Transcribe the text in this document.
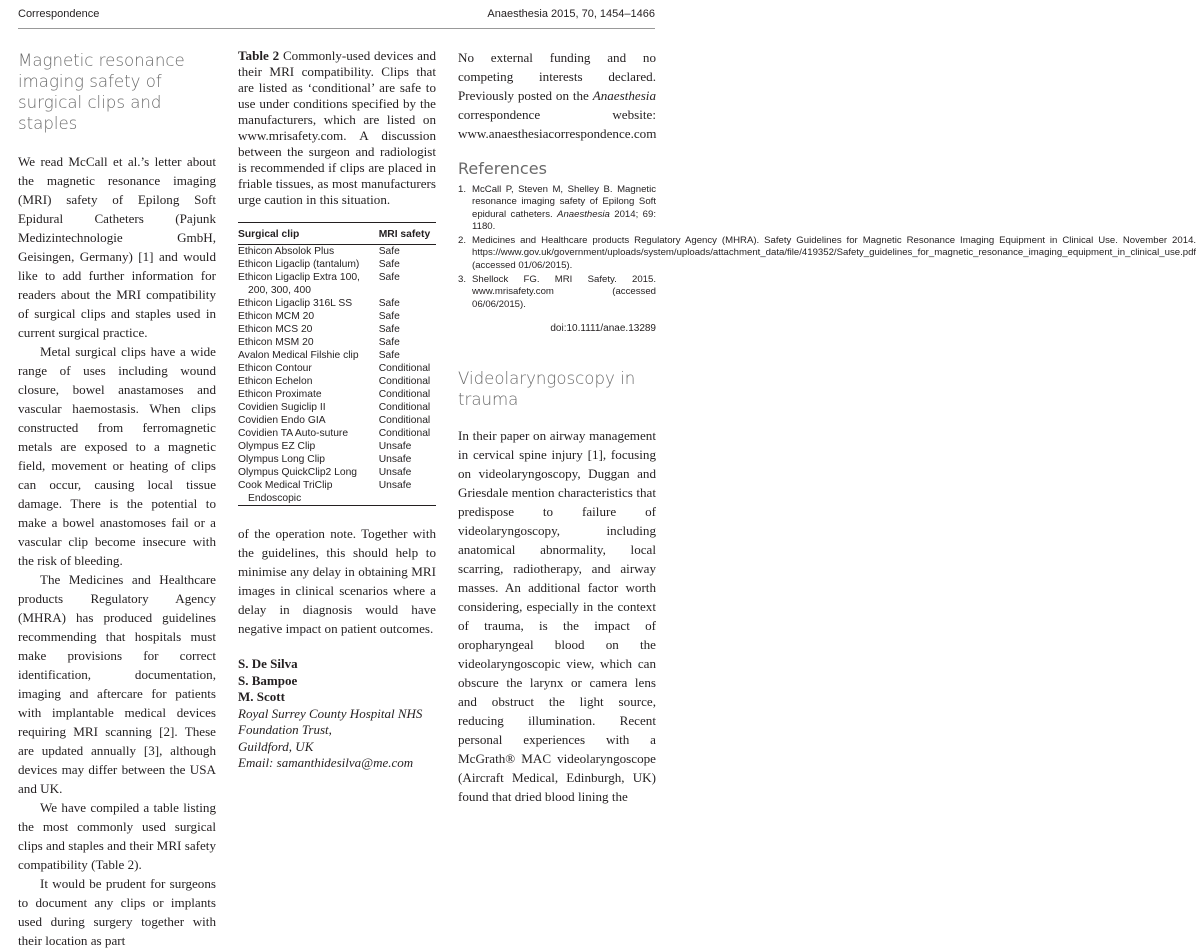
Correspondence	Anaesthesia 2015, 70, 1454–1466
Magnetic resonance imaging safety of surgical clips and staples

We read McCall et al.’s letter about the magnetic resonance imaging (MRI) safety of Epilong Soft Epidural Catheters (Pajunk Medizintechnologie GmbH, Geisingen, Germany) [1] and would like to add further information for readers about the MRI compatibility of surgical clips and staples used in current surgical practice.

Metal surgical clips have a wide range of uses including wound closure, bowel anastamoses and vascular haemostasis. When clips constructed from ferromagnetic metals are exposed to a magnetic field, movement or heating of clips can occur, causing local tissue damage. There is the potential to make a bowel anastomoses fail or a vascular clip become insecure with the risk of bleeding.

The Medicines and Healthcare products Regulatory Agency (MHRA) has produced guidelines recommending that hospitals must make provisions for correct identification, documentation, imaging and aftercare for patients with implantable medical devices requiring MRI scanning [2]. These are updated annually [3], although devices may differ between the USA and UK.

We have compiled a table listing the most commonly used surgical clips and staples and their MRI safety compatibility (Table 2).

It would be prudent for surgeons to document any clips or implants used during surgery together with their location as part

Table 2 Commonly-used devices and their MRI compatibility. Clips that are listed as ‘conditional’ are safe to use under conditions specified by the manufacturers, which are listed on www.mrisafety.com. A discussion between the surgeon and radiologist is recommended if clips are placed in friable tissues, as most manufacturers urge caution in this situation.
Surgical clip	MRI safety
Ethicon Absolok Plus	Safe
Ethicon Ligaclip (tantalum)	Safe
Ethicon Ligaclip Extra 100, 200, 300, 400	Safe
Ethicon Ligaclip 316L SS	Safe
Ethicon MCM 20	Safe
Ethicon MCS 20	Safe
Ethicon MSM 20	Safe
Avalon Medical Filshie clip	Safe
Ethicon Contour	Conditional
Ethicon Echelon	Conditional
Ethicon Proximate	Conditional
Covidien Sugiclip II	Conditional
Covidien Endo GIA	Conditional
Covidien TA Auto-suture	Conditional
Olympus EZ Clip	Unsafe
Olympus Long Clip	Unsafe
Olympus QuickClip2 Long	Unsafe
Cook Medical TriClip Endoscopic	Unsafe

of the operation note. Together with the guidelines, this should help to minimise any delay in obtaining MRI images in clinical scenarios where a delay in diagnosis would have negative impact on patient outcomes.

S. De Silva
S. Bampoe
M. Scott
Royal Surrey County Hospital NHS
Foundation Trust,
Guildford, UK
Email: samanthidesilva@me.com

No external funding and no competing interests declared. Previously posted on the Anaesthesia correspondence website: www.anaesthesiacorrespondence.com

References
1. McCall P, Steven M, Shelley B. Magnetic resonance imaging safety of Epilong Soft epidural catheters. Anaesthesia 2014; 69: 1180.
2. Medicines and Healthcare products Regulatory Agency (MHRA). Safety Guidelines for Magnetic Resonance Imaging Equipment in Clinical Use. November 2014. https://www.gov.uk/government/uploads/system/uploads/attachment_data/file/419352/Safety_guidelines_for_magnetic_resonance_imaging_equipment_in_clinical_use.pdf (accessed 01/06/2015).
3. Shellock FG. MRI Safety. 2015. www.mrisafety.com (accessed 06/06/2015).
doi:10.1111/anae.13289
Videolaryngoscopy in trauma

In their paper on airway management in cervical spine injury [1], focusing on videolaryngoscopy, Duggan and Griesdale mention characteristics that predispose to failure of videolaryngoscopy, including anatomical abnormality, local scarring, radiotherapy, and airway masses. An additional factor worth considering, especially in the context of trauma, is the impact of oropharyngeal blood on the videolaryngoscopic view, which can obscure the larynx or camera lens and obstruct the light source, reducing illumination. Recent personal experiences with a McGrath® MAC videolaryngoscope (Aircraft Medical, Edinburgh, UK) found that dried blood lining the
